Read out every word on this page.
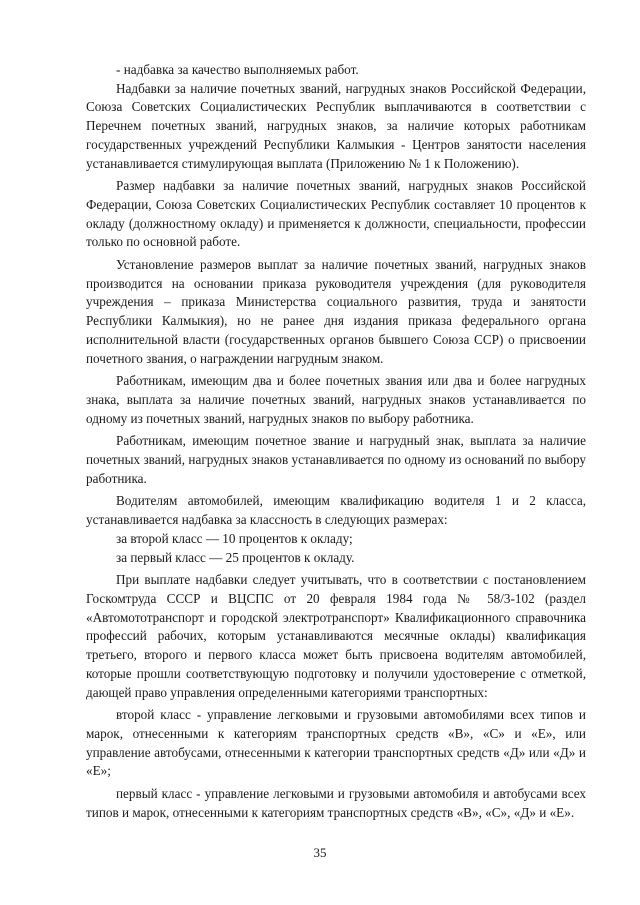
- надбавка за качество выполняемых работ.

Надбавки за наличие почетных званий, нагрудных знаков Российской Федерации, Союза Советских Социалистических Республик выплачиваются в соответствии с Перечнем почетных званий, нагрудных знаков, за наличие которых работникам государственных учреждений Республики Калмыкия - Центров занятости населения устанавливается стимулирующая выплата (Приложению № 1 к Положению).

Размер надбавки за наличие почетных званий, нагрудных знаков Российской Федерации, Союза Советских Социалистических Республик составляет 10 процентов к окладу (должностному окладу) и применяется к должности, специальности, профессии только по основной работе.

Установление размеров выплат за наличие почетных званий, нагрудных знаков производится на основании приказа руководителя учреждения (для руководителя учреждения – приказа Министерства социального развития, труда и занятости Республики Калмыкия), но не ранее дня издания приказа федерального органа исполнительной власти (государственных органов бывшего Союза ССР) о присвоении почетного звания, о награждении нагрудным знаком.

Работникам, имеющим два и более почетных звания или два и более нагрудных знака, выплата за наличие почетных званий, нагрудных знаков устанавливается по одному из почетных званий, нагрудных знаков по выбору работника.

Работникам, имеющим почетное звание и нагрудный знак, выплата за наличие почетных званий, нагрудных знаков устанавливается по одному из оснований по выбору работника.

Водителям автомобилей, имеющим квалификацию водителя 1 и 2 класса, устанавливается надбавка за классность в следующих размерах:

за второй класс — 10 процентов к окладу;

за первый класс — 25 процентов к окладу.

При выплате надбавки следует учитывать, что в соответствии с постановлением Госкомтруда СССР и ВЦСПС от 20 февраля 1984 года № 58/3-102 (раздел «Автомототранспорт и городской электротранспорт» Квалификационного справочника профессий рабочих, которым устанавливаются месячные оклады) квалификация третьего, второго и первого класса может быть присвоена водителям автомобилей, которые прошли соответствующую подготовку и получили удостоверение с отметкой, дающей право управления определенными категориями транспортных:

второй класс - управление легковыми и грузовыми автомобилями всех типов и марок, отнесенными к категориям транспортных средств «В», «С» и «Е», или управление автобусами, отнесенными к категории транспортных средств «Д» или «Д» и «Е»;

первый класс - управление легковыми и грузовыми автомобиля и автобусами всех типов и марок, отнесенными к категориям транспортных средств «В», «С», «Д» и «Е».

35
